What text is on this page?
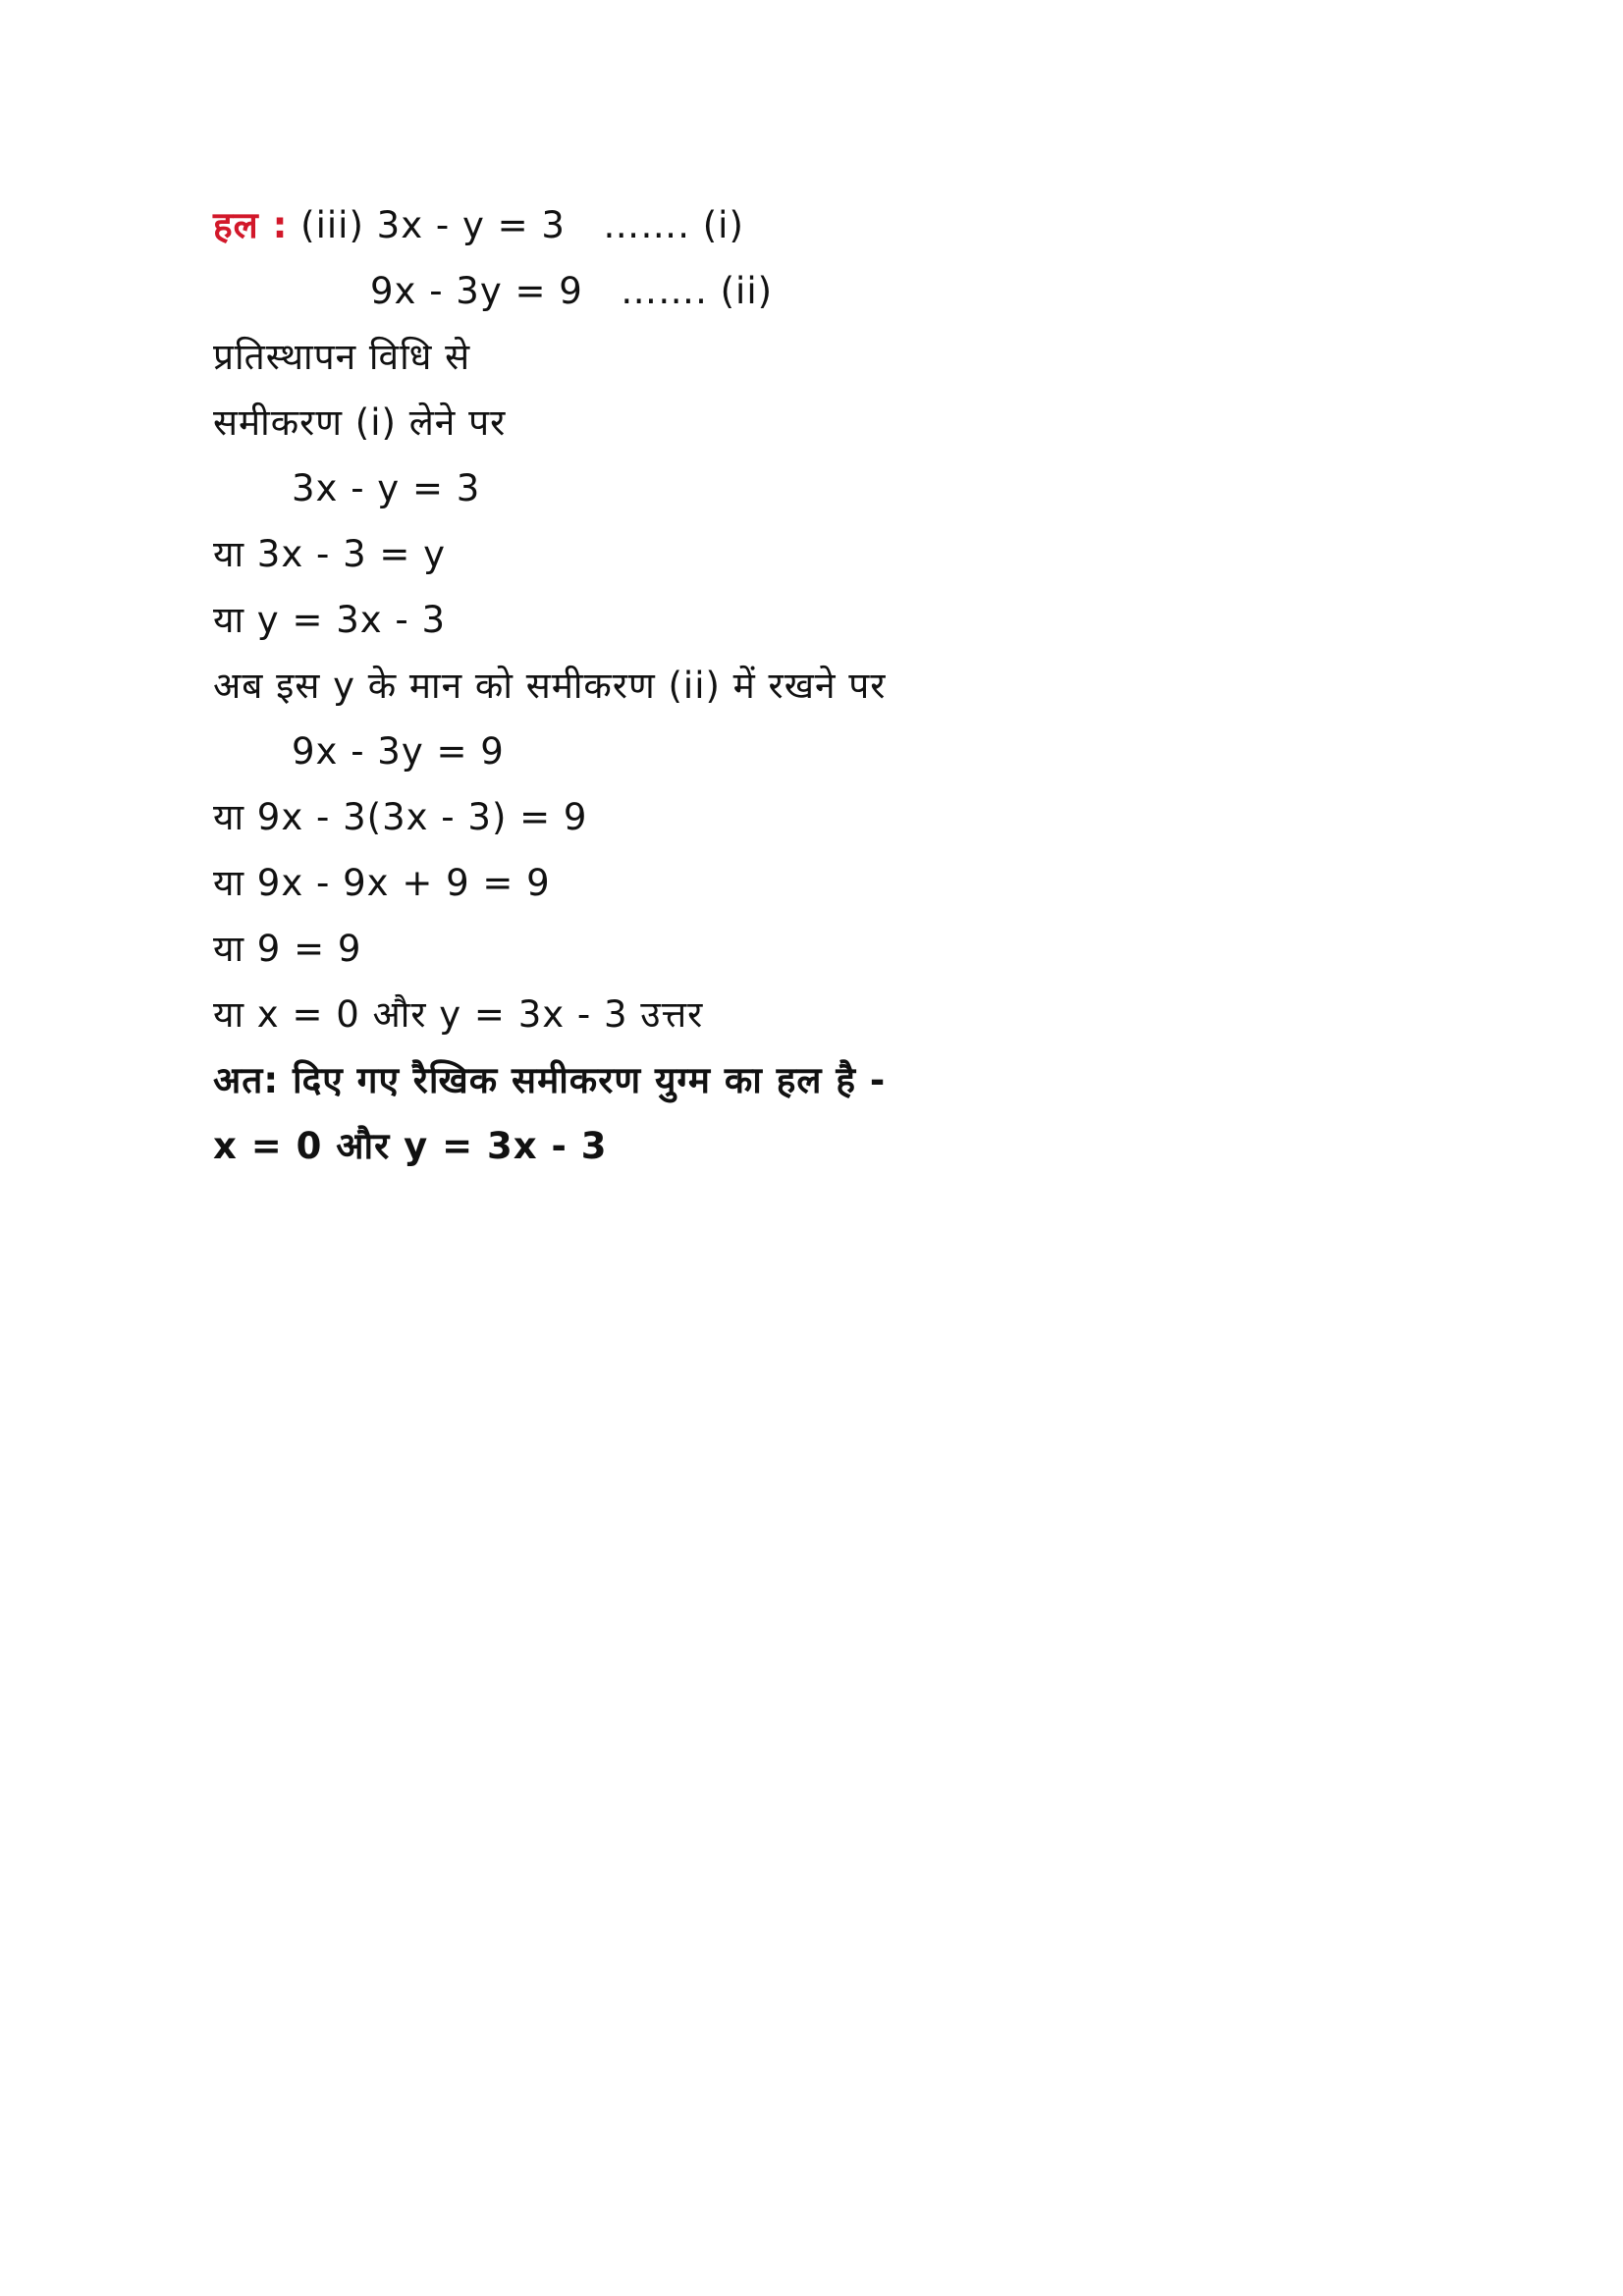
हल : (iii) 3x - y = 3   ……. (i)
9x - 3y = 9   ……. (ii)
प्रतिस्थापन विधि से
समीकरण (i) लेने पर
3x - y = 3
या 3x - 3 = y
या y = 3x - 3
अब इस y के मान को समीकरण (ii) में रखने पर
9x - 3y = 9
या 9x - 3(3x - 3) = 9
या 9x - 9x + 9 = 9
या 9 = 9
या x = 0 और y = 3x - 3 उत्तर
अत: दिए गए रैखिक समीकरण युग्म का हल है -
x = 0 और y = 3x - 3
